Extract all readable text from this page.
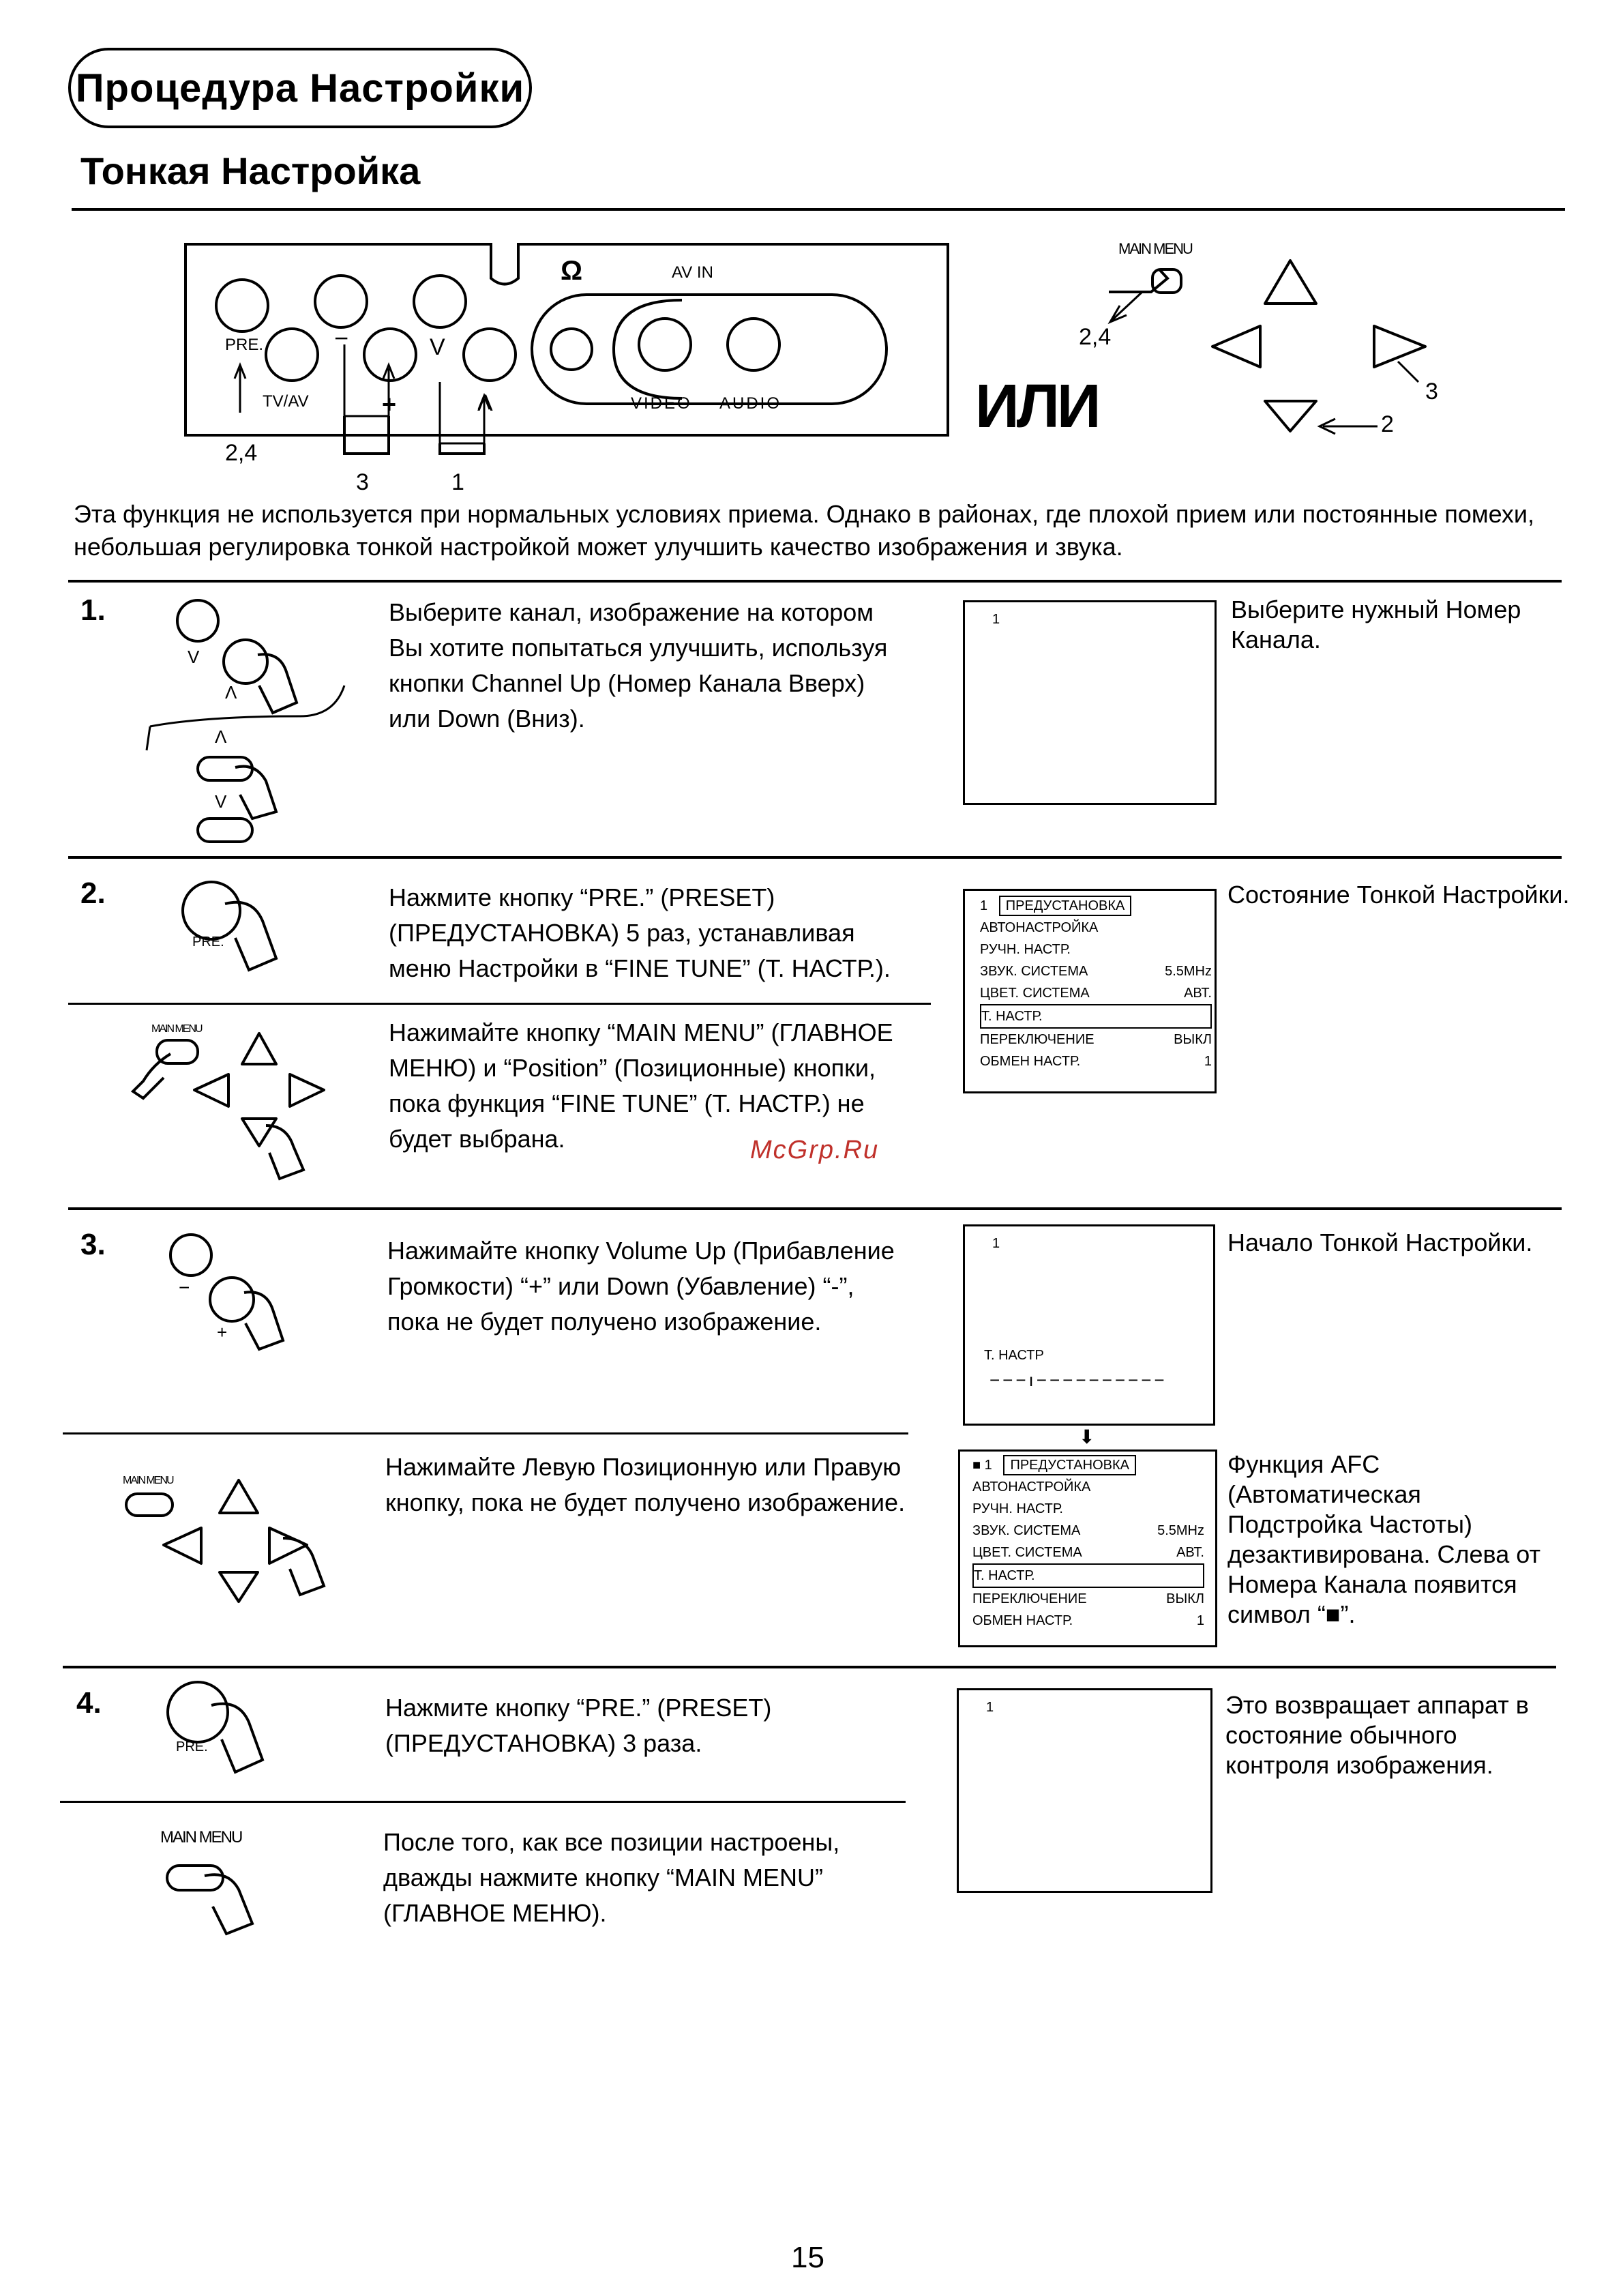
Процедура Настройки
Тонкая Настройка
PRE.
TV/AV
−
+
V
Λ
Ω	AV IN
VIDEO AUDIO
2,4
3	1
MAIN MENU
2,4
3
2
ИЛИ
Эта функция не используется при нормальных условиях приема. Однако в районах, где плохой прием или постоянные помехи, небольшая регулировка тонкой настройкой может улучшить качество изображения и звука.
1.
V
Λ
Λ
V
Выберите канал, изображение на котором Вы хотите попытаться улучшить, используя кнопки Channel Up (Номер Канала Вверх) или Down (Вниз).
1	Выберите нужный Номер Канала.
2.
PRE.
MAIN MENU
Нажмите кнопку “PRE.” (PRESET) (ПРЕДУСТАНОВКА) 5 раз, устанавливая меню Настройки в “FINE TUNE” (Т. НАСТР.).
Нажимайте кнопку “MAIN MENU” (ГЛАВНОЕ МЕНЮ) и “Position” (Позиционные) кнопки, пока функция “FINE TUNE” (Т. НАСТР.) не будет выбрана.
1 ПРЕДУСТАНОВКА
АВТОНАСТРОЙКА
РУЧН. НАСТР.
ЗВУК. СИСТЕМА	5.5MHz
ЦВЕТ. СИСТЕМА	АВТ.
Т. НАСТР.
ПЕРЕКЛЮЧЕНИЕ	ВЫКЛ
ОБМЕН НАСТР.	1
Состояние Тонкой Настройки.
McGrp.Ru
3.
−
+
MAIN MENU
Нажимайте кнопку Volume Up (Прибавление Громкости) “+” или Down (Убавление) “-”, пока не будет получено изображение.
1
Т. НАСТР
−−−ı−−−−−−−−−−
Начало Тонкой Настройки.
⬇
Нажимайте Левую Позиционную или Правую кнопку, пока не будет получено изображение.
■ 1 ПРЕДУСТАНОВКА
АВТОНАСТРОЙКА
РУЧН. НАСТР.
ЗВУК. СИСТЕМА	5.5MHz
ЦВЕТ. СИСТЕМА	АВТ.
Т. НАСТР.
ПЕРЕКЛЮЧЕНИЕ	ВЫКЛ
ОБМЕН НАСТР.	1
Функция AFC (Автоматическая Подстройка Частоты) дезактивирована. Слева от Номера Канала появится символ “■”.
4.
PRE.
MAIN MENU
Нажмите кнопку “PRE.” (PRESET) (ПРЕДУСТАНОВКА) 3 раза.
После того, как все позиции настроены, дважды нажмите кнопку “MAIN MENU” (ГЛАВНОЕ МЕНЮ).
1	Это возвращает аппарат в состояние обычного контроля изображения.
15
